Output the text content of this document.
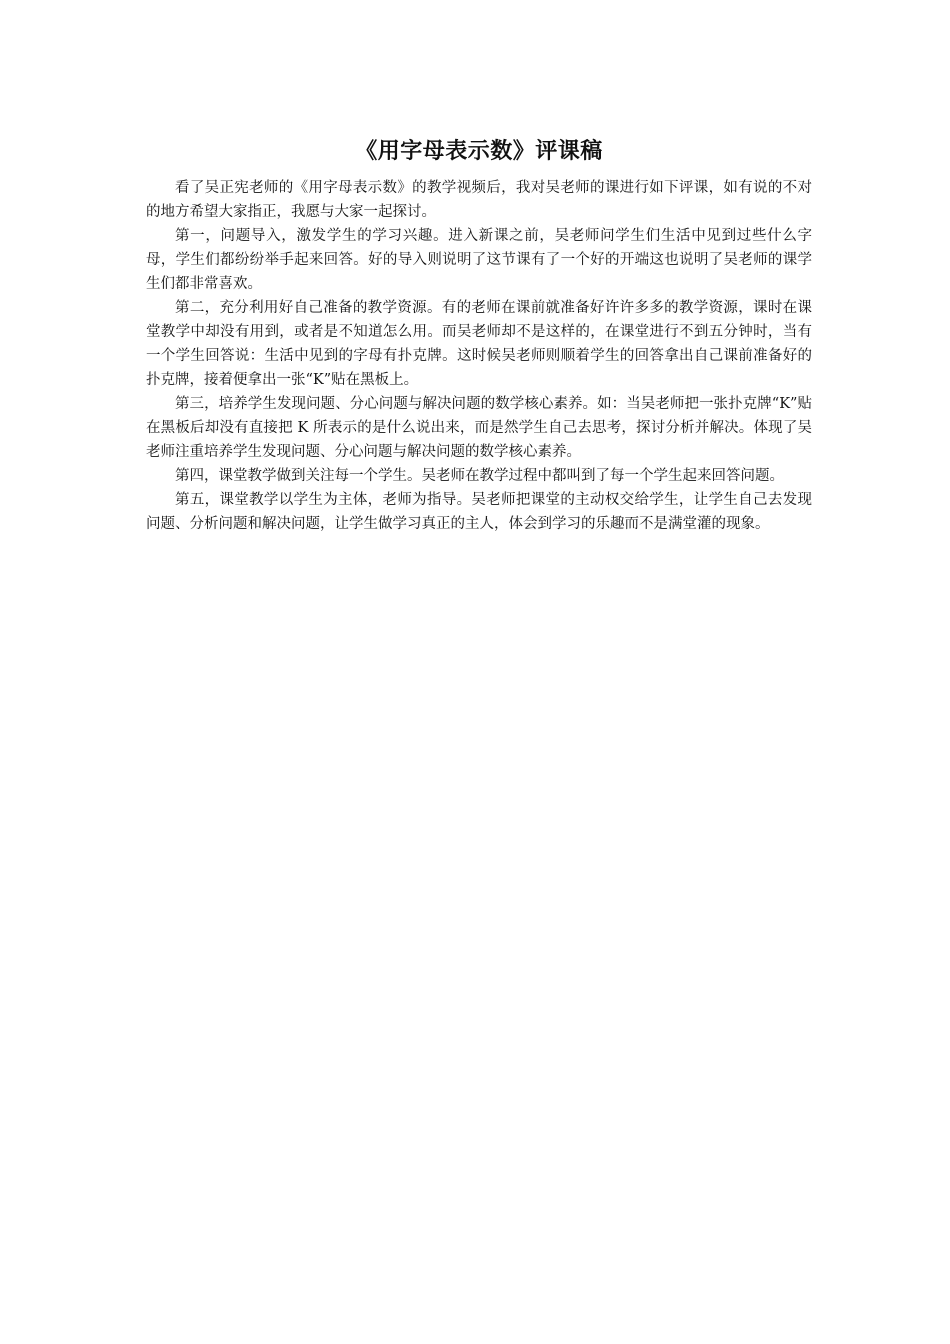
《用字母表示数》评课稿

看了吴正宪老师的《用字母表示数》的教学视频后，我对吴老师的课进行如下评课，如有说的不对的地方希望大家指正，我愿与大家一起探讨。

第一，问题导入，激发学生的学习兴趣。进入新课之前，吴老师问学生们生活中见到过些什么字母，学生们都纷纷举手起来回答。好的导入则说明了这节课有了一个好的开端这也说明了吴老师的课学生们都非常喜欢。

第二，充分利用好自己准备的教学资源。有的老师在课前就准备好许许多多的教学资源，课时在课堂教学中却没有用到，或者是不知道怎么用。而吴老师却不是这样的，在课堂进行不到五分钟时，当有一个学生回答说：生活中见到的字母有扑克牌。这时候吴老师则顺着学生的回答拿出自己课前准备好的扑克牌，接着便拿出一张“K”贴在黑板上。

第三，培养学生发现问题、分心问题与解决问题的数学核心素养。如：当吴老师把一张扑克牌“K”贴在黑板后却没有直接把 K 所表示的是什么说出来，而是然学生自己去思考，探讨分析并解决。体现了吴老师注重培养学生发现问题、分心问题与解决问题的数学核心素养。

第四，课堂教学做到关注每一个学生。吴老师在教学过程中都叫到了每一个学生起来回答问题。

第五，课堂教学以学生为主体，老师为指导。吴老师把课堂的主动权交给学生，让学生自己去发现问题、分析问题和解决问题，让学生做学习真正的主人，体会到学习的乐趣而不是满堂灌的现象。
